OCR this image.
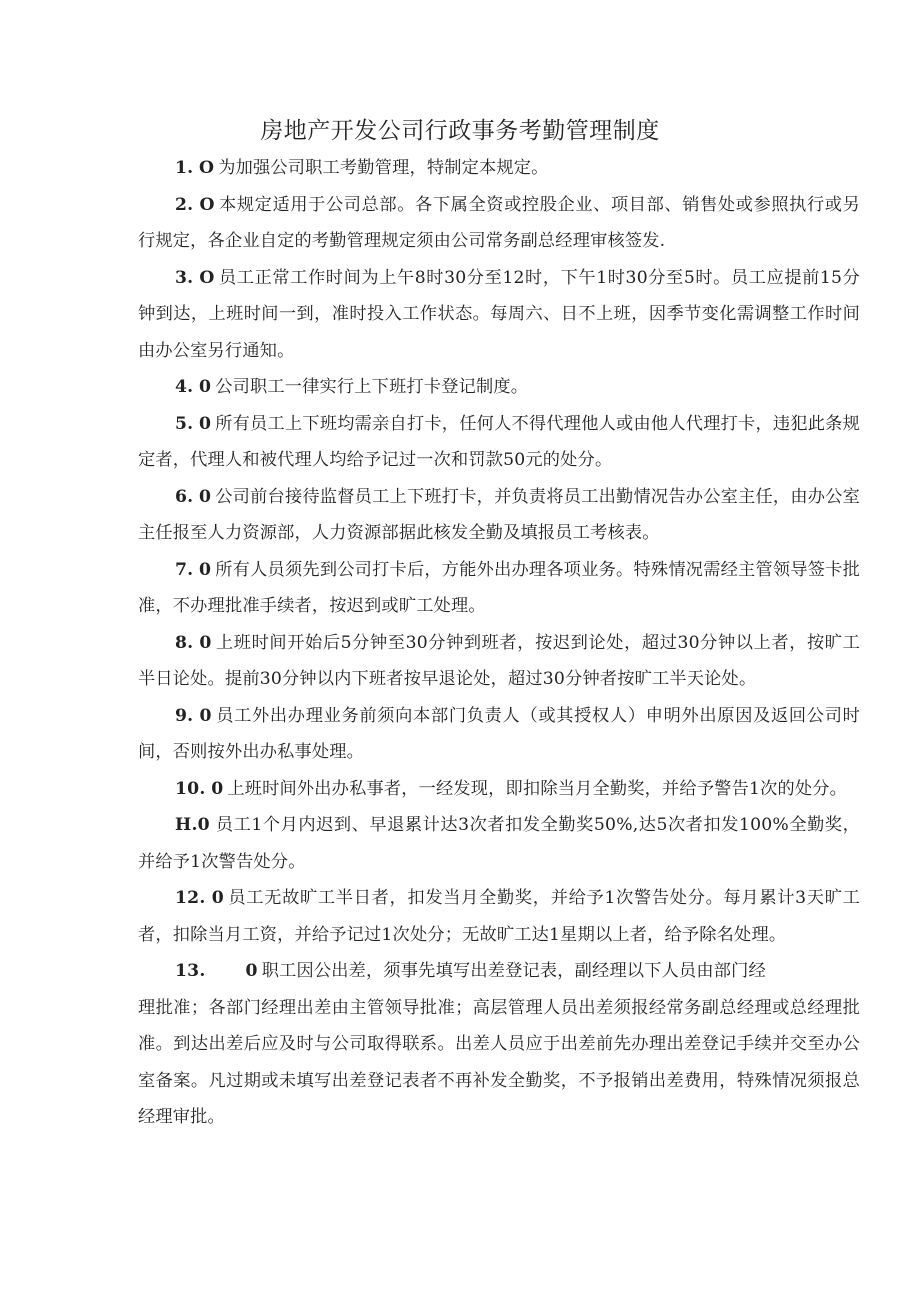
房地产开发公司行政事务考勤管理制度

1. O 为加强公司职工考勤管理，特制定本规定。

2. O 本规定适用于公司总部。各下属全资或控股企业、项目部、销售处或参照执行或另行规定，各企业自定的考勤管理规定须由公司常务副总经理审核签发.

3. O 员工正常工作时间为上午8时30分至12时，下午1时30分至5时。员工应提前15分钟到达，上班时间一到，准时投入工作状态。每周六、日不上班，因季节变化需调整工作时间由办公室另行通知。

4. 0 公司职工一律实行上下班打卡登记制度。

5. 0 所有员工上下班均需亲自打卡，任何人不得代理他人或由他人代理打卡，违犯此条规定者，代理人和被代理人均给予记过一次和罚款50元的处分。

6. 0 公司前台接待监督员工上下班打卡，并负责将员工出勤情况告办公室主任，由办公室主任报至人力资源部，人力资源部据此核发全勤及填报员工考核表。

7. 0 所有人员须先到公司打卡后，方能外出办理各项业务。特殊情况需经主管领导签卡批准，不办理批准手续者，按迟到或旷工处理。

8. 0 上班时间开始后5分钟至30分钟到班者，按迟到论处，超过30分钟以上者，按旷工半日论处。提前30分钟以内下班者按早退论处，超过30分钟者按旷工半天论处。

9. 0 员工外出办理业务前须向本部门负责人（或其授权人）申明外出原因及返回公司时间，否则按外出办私事处理。

10. 0 上班时间外出办私事者，一经发现，即扣除当月全勤奖，并给予警告1次的处分。

H.0 员工1个月内迟到、早退累计达3次者扣发全勤奖50%,达5次者扣发100%全勤奖，并给予1次警告处分。

12. 0 员工无故旷工半日者，扣发当月全勤奖，并给予1次警告处分。每月累计3天旷工者，扣除当月工资，并给予记过1次处分；无故旷工达1星期以上者，给予除名处理。

13. 0 职工因公出差，须事先填写出差登记表，副经理以下人员由部门经
理批准；各部门经理出差由主管领导批准；高层管理人员出差须报经常务副总经理或总经理批准。到达出差后应及时与公司取得联系。出差人员应于出差前先办理出差登记手续并交至办公室备案。凡过期或未填写出差登记表者不再补发全勤奖，不予报销出差费用，特殊情况须报总经理审批。
